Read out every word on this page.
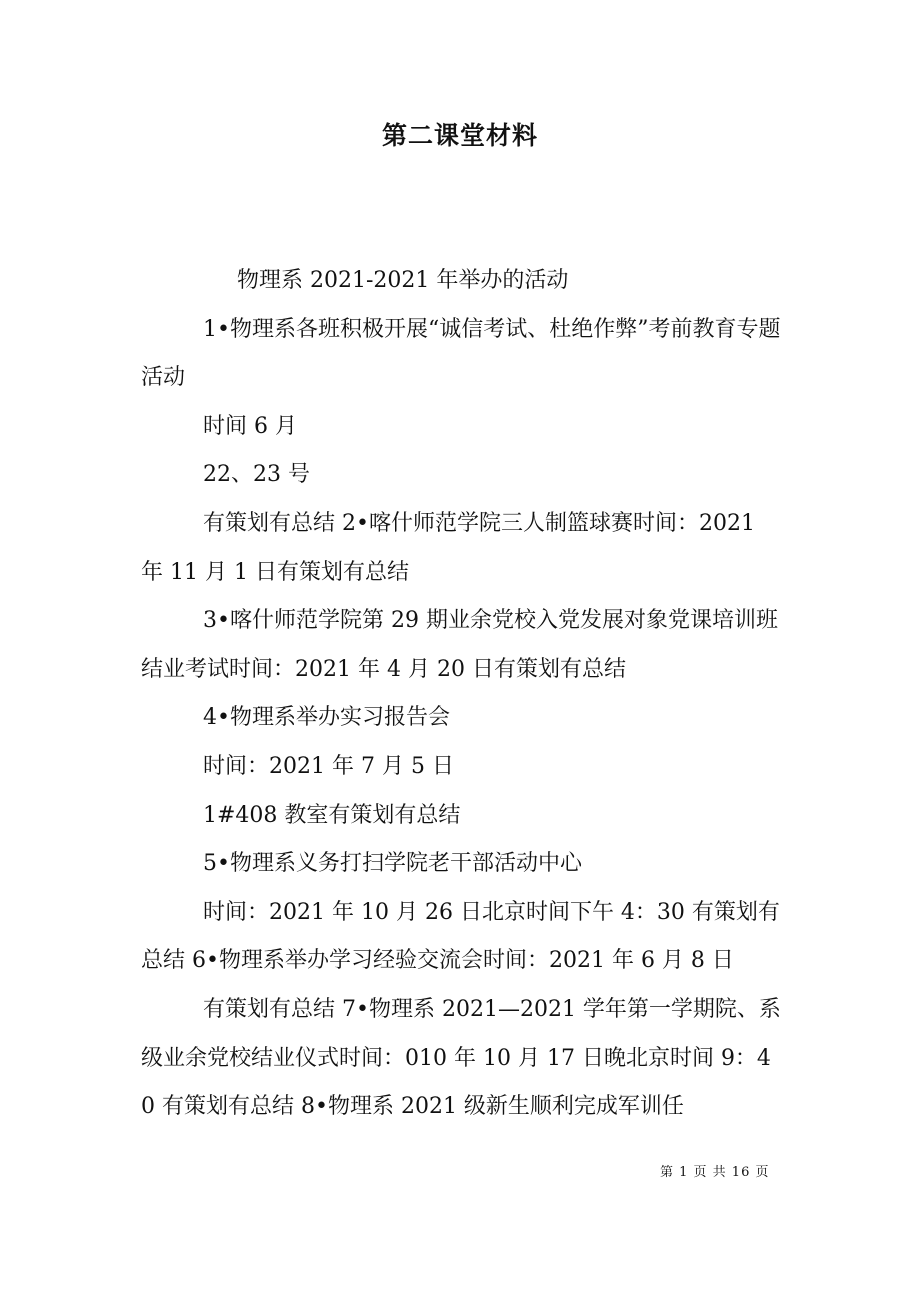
第二课堂材料

物理系 2021-2021 年举办的活动

1•物理系各班积极开展“诚信考试、杜绝作弊”考前教育专题活动

时间 6 月

22、23 号

有策划有总结 2•喀什师范学院三人制篮球赛时间：2021 年 11 月 1 日有策划有总结

3•喀什师范学院第 29 期业余党校入党发展对象党课培训班结业考试时间：2021 年 4 月 20 日有策划有总结

4•物理系举办实习报告会

时间：2021 年 7 月 5 日

1#408 教室有策划有总结

5•物理系义务打扫学院老干部活动中心

时间：2021 年 10 月 26 日北京时间下午 4：30 有策划有总结 6•物理系举办学习经验交流会时间：2021 年 6 月 8 日

有策划有总结 7•物理系 2021—2021 学年第一学期院、系级业余党校结业仪式时间：010 年 10 月 17 日晚北京时间 9：40 有策划有总结 8•物理系 2021 级新生顺利完成军训任

第 1 页 共 16 页
